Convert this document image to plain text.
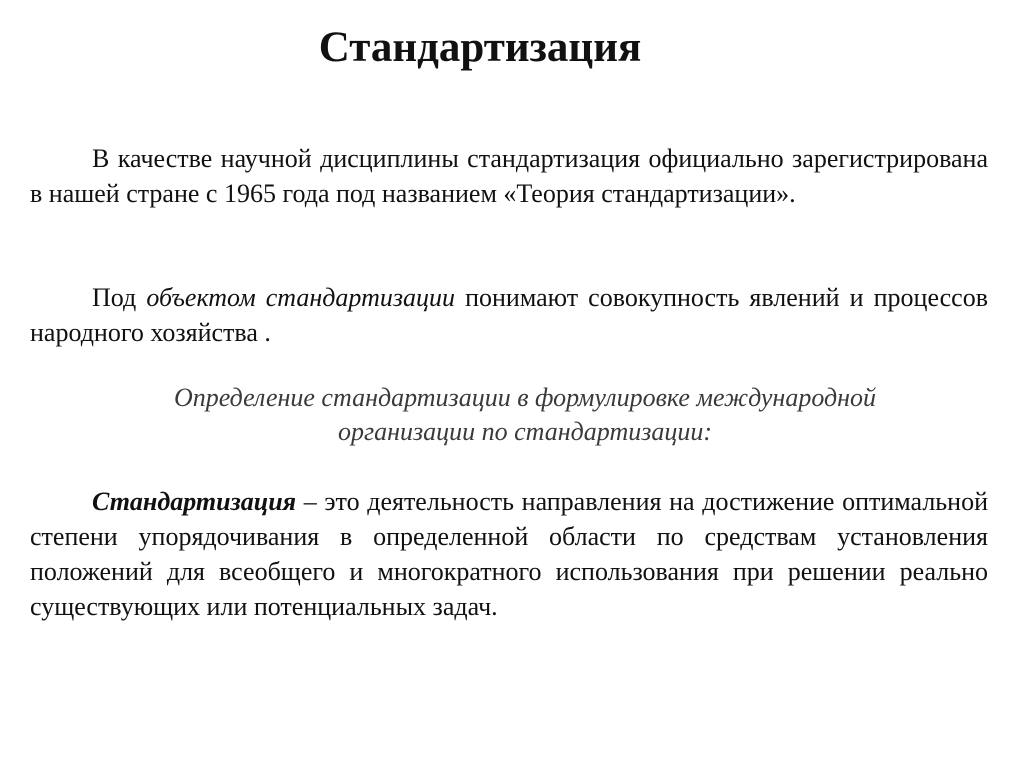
Стандартизация

В качестве научной дисциплины стандартизация официально зарегистрирована в нашей стране с 1965 года под названием «Теория стандартизации».

Под объектом стандартизации понимают совокупность явлений и процессов народного хозяйства .

Определение стандартизации в формулировке международной
организации по стандартизации:

Стандартизация – это деятельность направления на достижение оптимальной степени упорядочивания в определенной области по средствам установления положений для всеобщего и многократного использования при решении реально существующих или потенциальных задач.
